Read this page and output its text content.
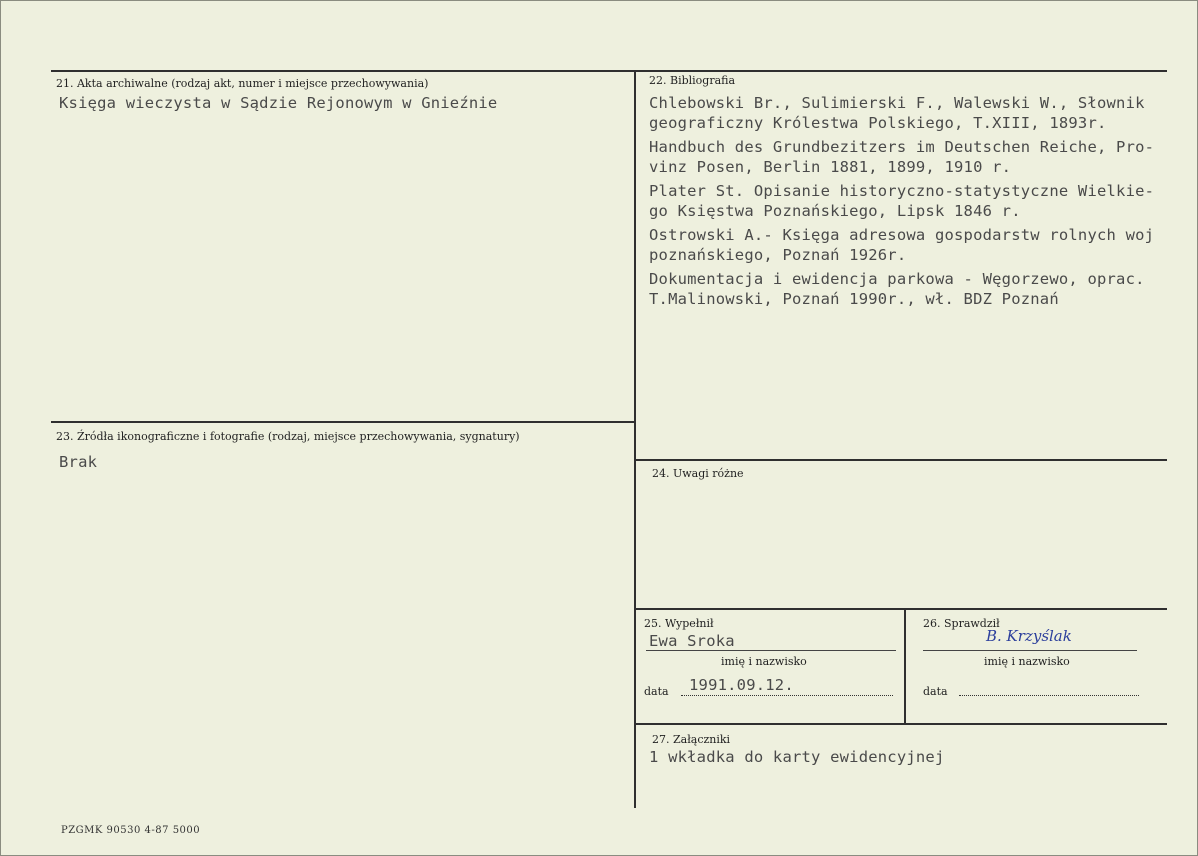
21. Akta archiwalne (rodzaj akt, numer i miejsce przechowywania)
Księga wieczysta w Sądzie Rejonowym w Gnieźnie
22. Bibliografia
Chlebowski Br., Sulimierski F., Walewski W., Słownik
geograficzny Królestwa Polskiego, T.XIII, 1893r.
Handbuch des Grundbezitzers im Deutschen Reiche, Pro-
vinz Posen, Berlin 1881, 1899, 1910 r.
Plater St. Opisanie historyczno-statystyczne Wielkie-
go Księstwa Poznańskiego, Lipsk 1846 r.
Ostrowski A.- Księga adresowa gospodarstw rolnych woj
poznańskiego, Poznań 1926r.
Dokumentacja i ewidencja parkowa - Węgorzewo, oprac.
T.Malinowski, Poznań 1990r., wł. BDZ Poznań
23. Źródła ikonograficzne i fotografie (rodzaj, miejsce przechowywania, sygnatury)
Brak
24. Uwagi różne
25. Wypełnił
Ewa Sroka
imię i nazwisko
data 1991.09.12.
26. Sprawdził
B. Krzyślak
imię i nazwisko
data
27. Załączniki
1 wkładka do karty ewidencyjnej
PZGMK 90530 4-87 5000
